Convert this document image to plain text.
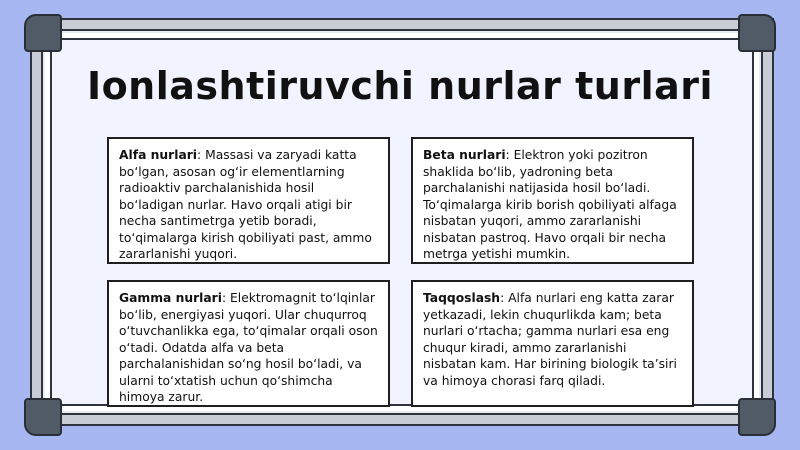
Ionlashtiruvchi nurlar turlari
Alfa nurlari: Massasi va zaryadi katta bo‘lgan, asosan og‘ir elementlarning radioaktiv parchalanishida hosil bo‘ladigan nurlar. Havo orqali atigi bir necha santimetrga yetib boradi, to‘qimalarga kirish qobiliyati past, ammo zararlanishi yuqori.
Beta nurlari: Elektron yoki pozitron shaklida bo‘lib, yadroning beta parchalanishi natijasida hosil bo‘ladi. To‘qimalarga kirib borish qobiliyati alfaga nisbatan yuqori, ammo zararlanishi nisbatan pastroq. Havo orqali bir necha metrga yetishi mumkin.
Gamma nurlari: Elektromagnit to‘lqinlar bo‘lib, energiyasi yuqori. Ular chuqurroq o‘tuvchanlikka ega, to‘qimalar orqali oson o‘tadi. Odatda alfa va beta parchalanishidan so‘ng hosil bo‘ladi, va ularni to‘xtatish uchun qo‘shimcha himoya zarur.
Taqqoslash: Alfa nurlari eng katta zarar yetkazadi, lekin chuqurlikda kam; beta nurlari o‘rtacha; gamma nurlari esa eng chuqur kiradi, ammo zararlanishi nisbatan kam. Har birining biologik ta’siri va himoya chorasi farq qiladi.
